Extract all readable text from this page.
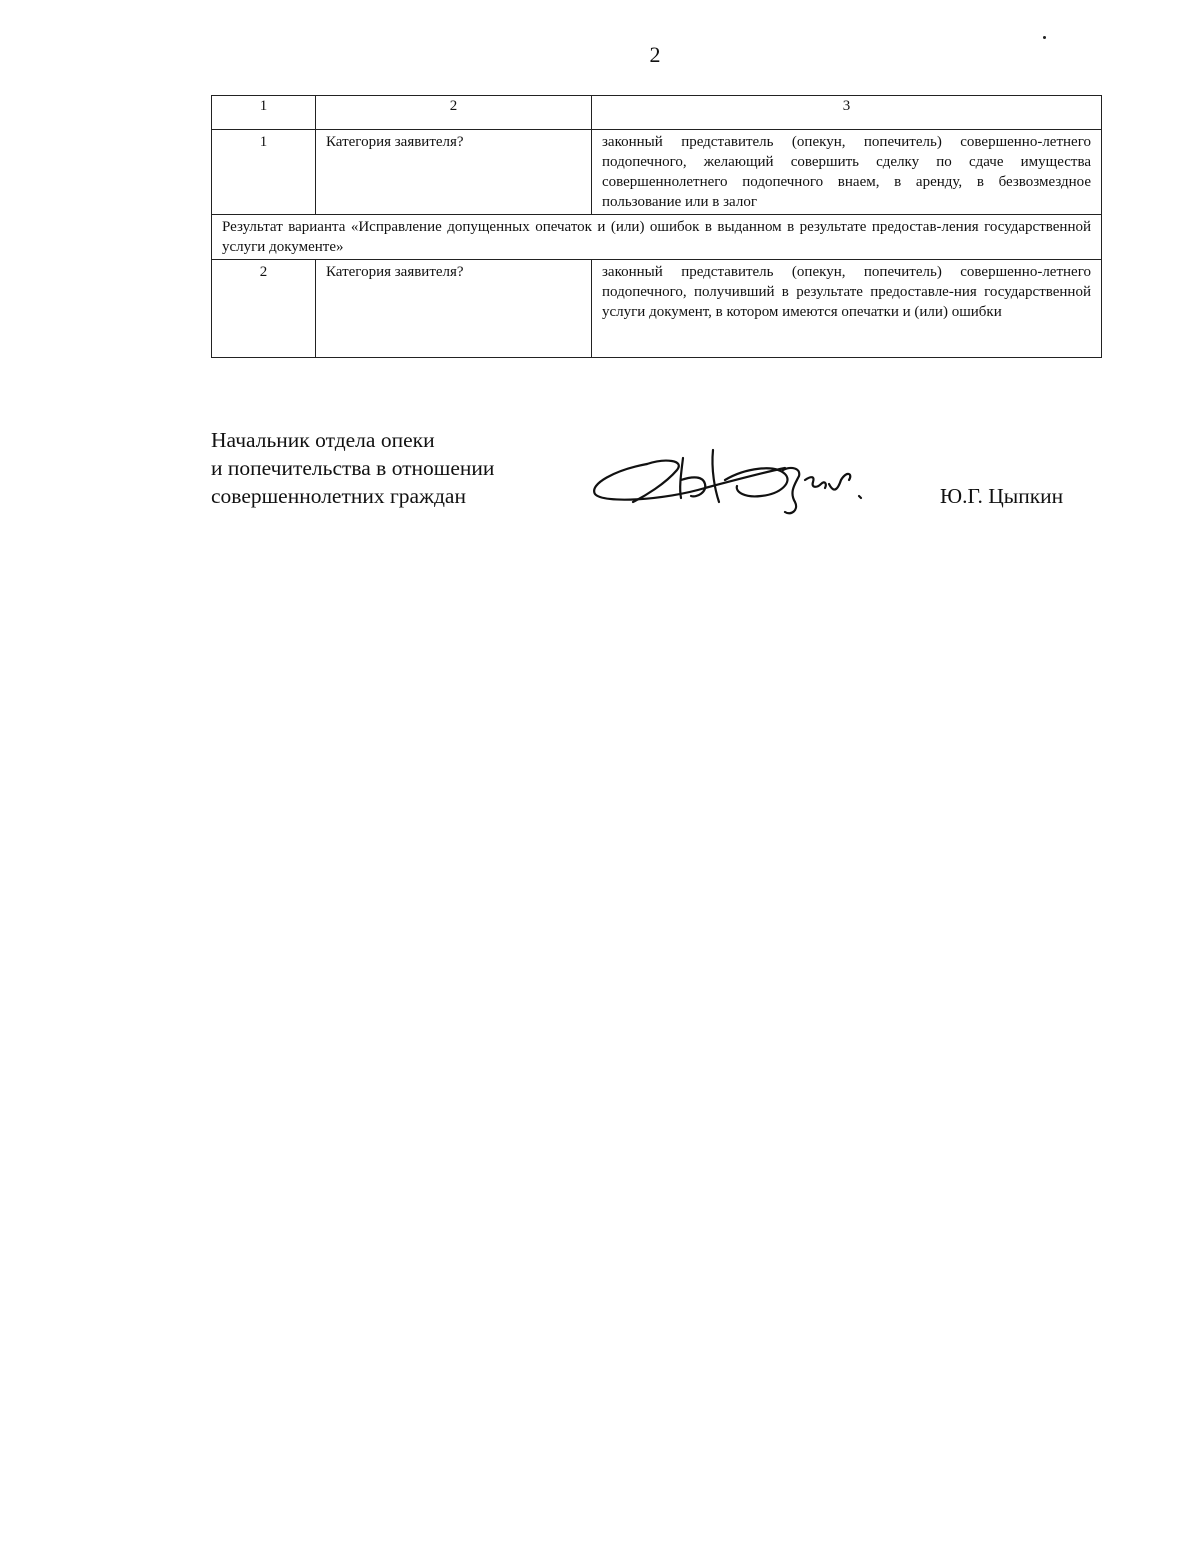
2
1	2	3
1	Категория заявителя?	законный представитель (опекун, попечитель) совершенно-летнего подопечного, желающий совершить сделку по сдаче имущества совершеннолетнего подопечного внаем, в аренду, в безвозмездное пользование или в залог
Результат варианта «Исправление допущенных опечаток и (или) ошибок в выданном в результате предостав-ления государственной услуги документе»		
2	Категория заявителя?	законный представитель (опекун, попечитель) совершенно-летнего подопечного, получивший в результате предоставле-ния государственной услуги документ, в котором имеются опечатки и (или) ошибки
Начальник отдела опеки
и попечительства в отношении
совершеннолетних граждан	Ю.Г. Цыпкин
